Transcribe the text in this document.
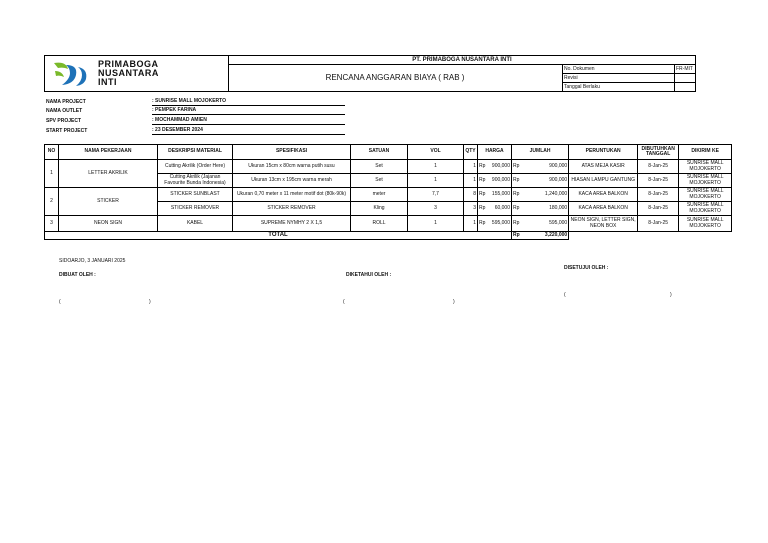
PT. PRIMABOGA NUSANTARA INTI
RENCANA ANGGARAN BIAYA ( RAB )
No. Dokumen	FR-MIT
Revisi
Tanggal Berlaku
PRIMABOGA
NUSANTARA
INTI
NAMA PROJECT	: SUNRISE MALL MOJOKERTO
NAMA OUTLET	: PEMPEK FARINA
SPV PROJECT	: MOCHAMMAD AMIEN
START PROJECT	: 23 DESEMBER 2024
NO	NAMA PEKERJAAN	DESKRIPSI MATERIAL	SPESIFIKASI	SATUAN	VOL	QTY	HARGA		JUMLAH		PERUNTUKAN	DIBUTUHKAN TANGGAL	DIKIRIM KE
1	LETTER AKRILIK	Cutting Akrilik (Order Here)	Ukuran 15cm x 80cm warna putih susu	Set	1	1	Rp	900,000	Rp	900,000	ATAS MEJA KASIR	8-Jan-25	SUNRISE MALL MOJOKERTO
		Cutting Akrilik (Jajanan Favourite Bunda Indonesia)	Ukuran 13cm x 195cm warna merah	Set	1	1	Rp	900,000	Rp	900,000	HIASAN LAMPU GANTUNG	8-Jan-25	SUNRISE MALL MOJOKERTO
2	STICKER	STICKER SUNBLAST	Ukuran 0,70 meter x 11 meter motif dot (80k-90k)	meter	7,7	8	Rp	155,000	Rp	1,240,000	KACA AREA BALKON	8-Jan-25	SUNRISE MALL MOJOKERTO
		STICKER REMOVER	STICKER REMOVER	Kling	3	3	Rp	60,000	Rp	180,000	KACA AREA BALKON	8-Jan-25	SUNRISE MALL MOJOKERTO
3	NEON SIGN	KABEL	SUPREME NYMHY 2 X 1,5	ROLL	1	1	Rp	595,000	Rp	595,000	NEON SIGN, LETTER SIGN, NEON BOX	8-Jan-25	SUNRISE MALL MOJOKERTO
TOTAL									Rp	3,220,000			
SIDOARJO, 3 JANUARI 2025
DIBUAT OLEH :	DIKETAHUI OLEH :
DISETUJUI OLEH :
(	)	(	)
(	)
